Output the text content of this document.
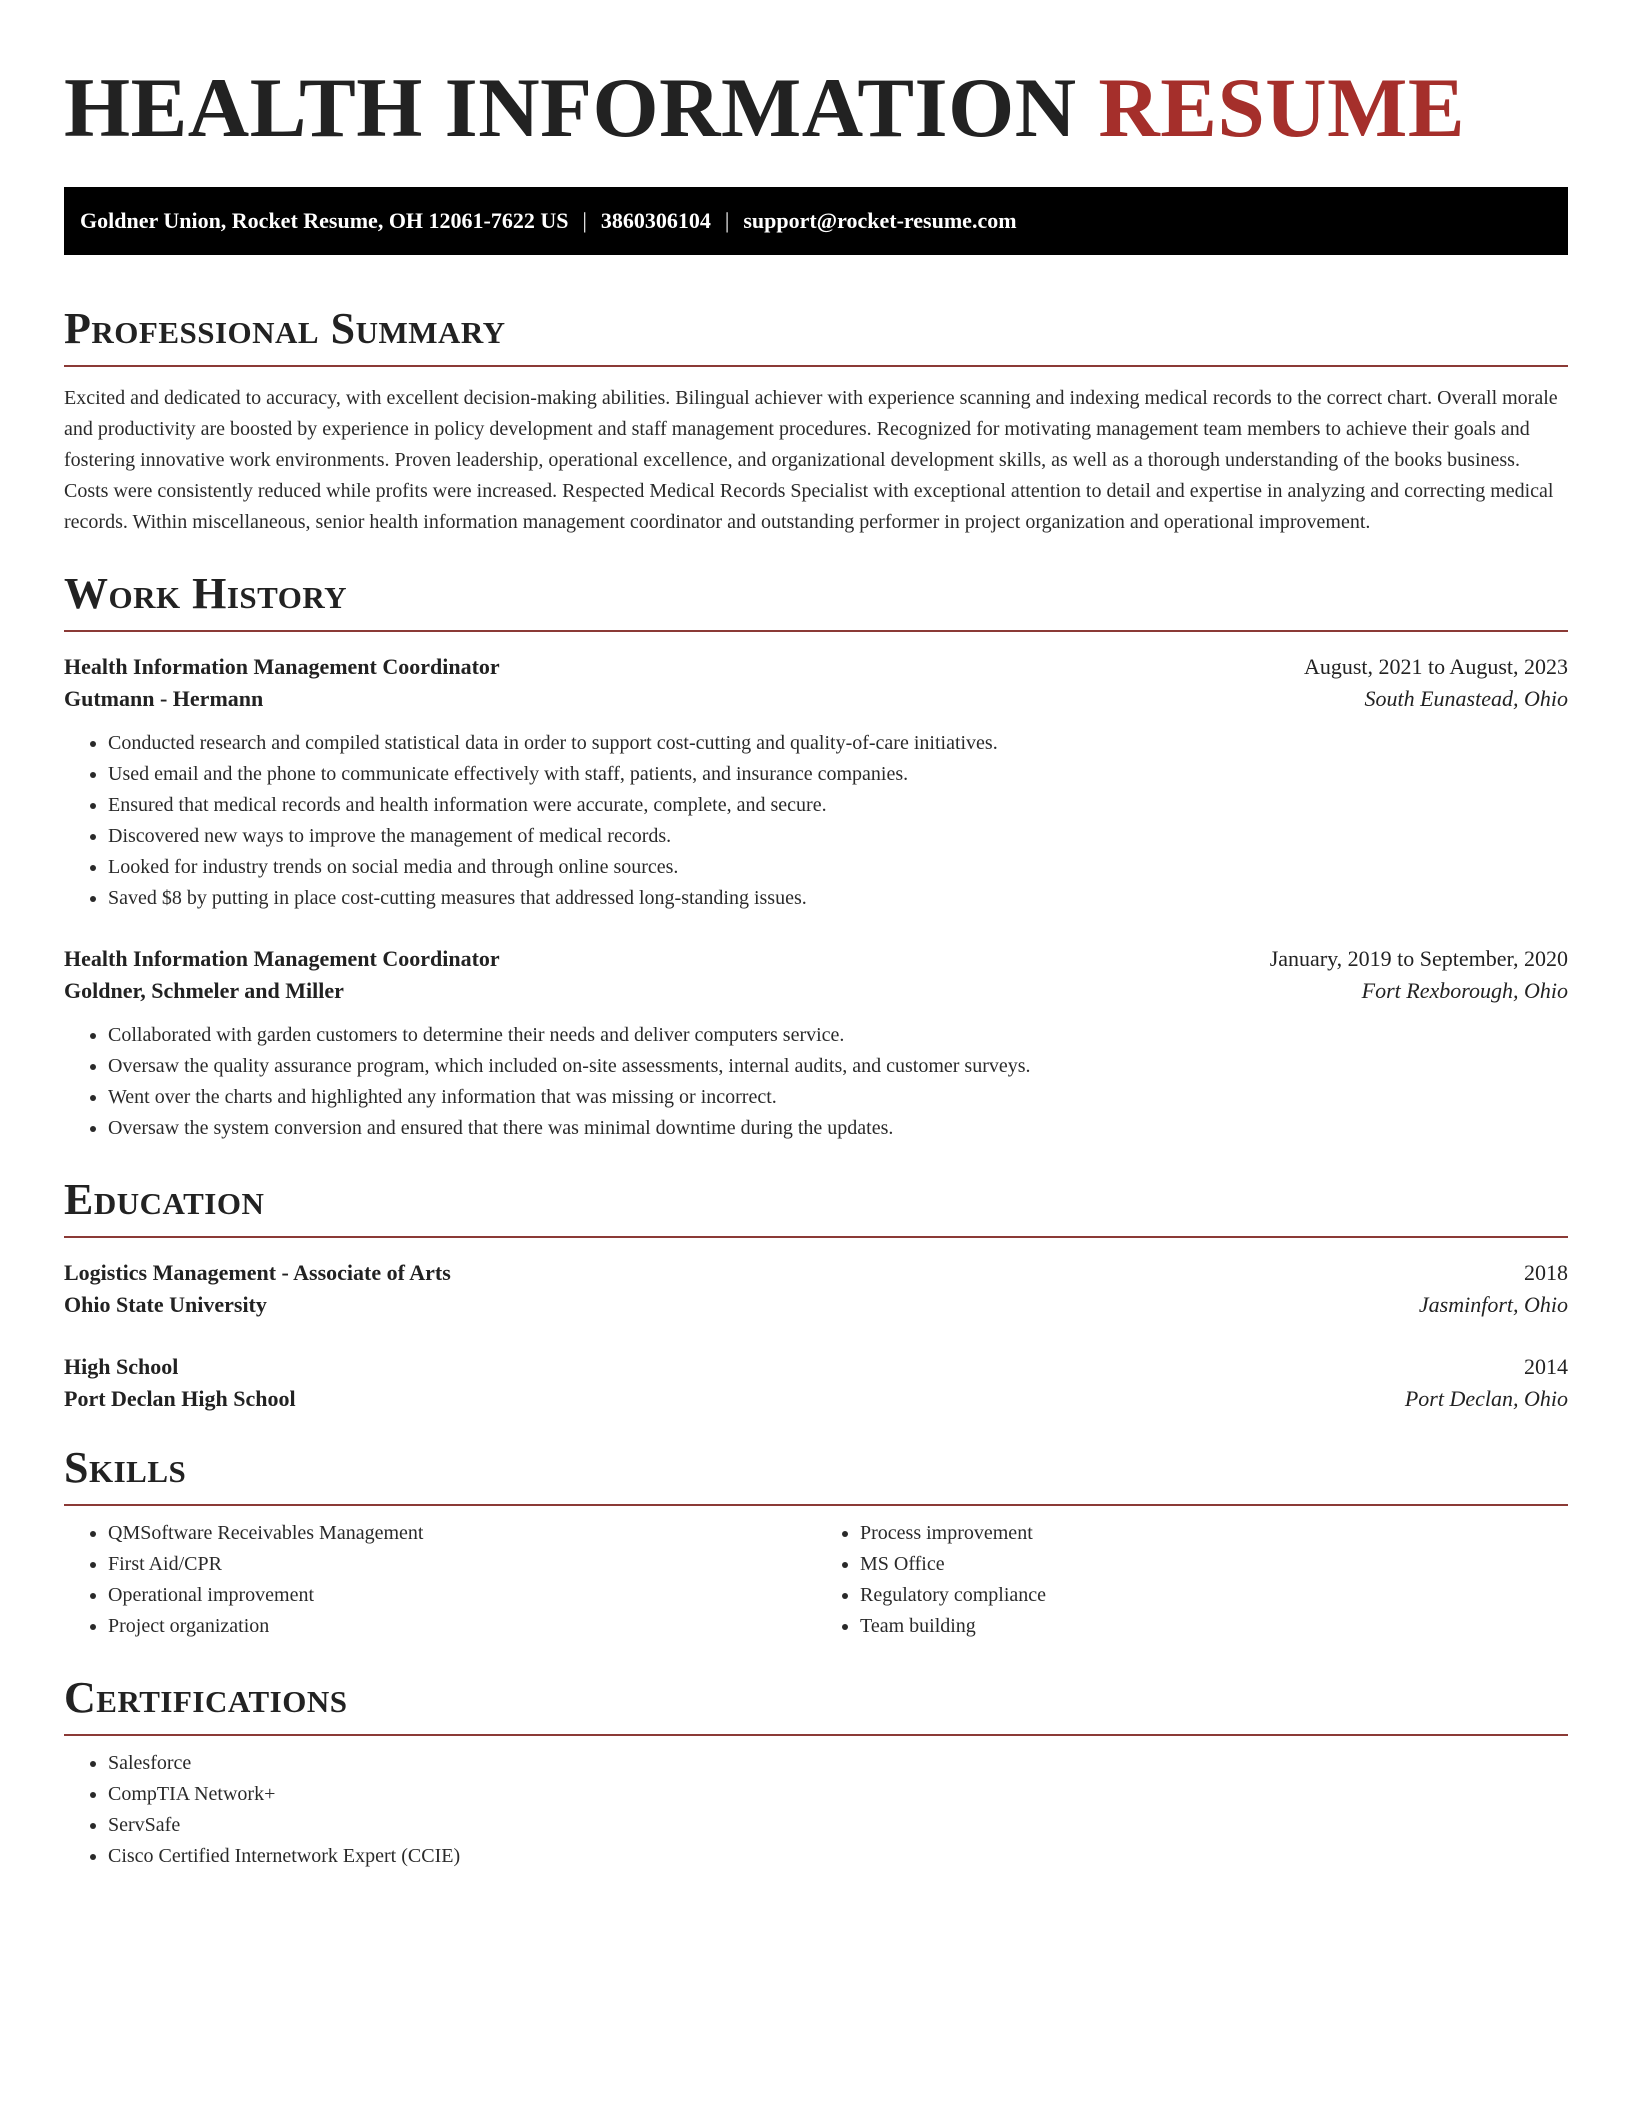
HEALTH INFORMATION RESUME
Goldner Union, Rocket Resume, OH 12061-7622 US | 3860306104 | support@rocket-resume.com
Professional Summary

Excited and dedicated to accuracy, with excellent decision-making abilities. Bilingual achiever with experience scanning and indexing medical records to the correct chart. Overall morale and productivity are boosted by experience in policy development and staff management procedures. Recognized for motivating management team members to achieve their goals and fostering innovative work environments. Proven leadership, operational excellence, and organizational development skills, as well as a thorough understanding of the books business. Costs were consistently reduced while profits were increased. Respected Medical Records Specialist with exceptional attention to detail and expertise in analyzing and correcting medical records. Within miscellaneous, senior health information management coordinator and outstanding performer in project organization and operational improvement.

Work History
Health Information Management Coordinator	August, 2021 to August, 2023
Gutmann - Hermann	South Eunastead, Ohio
• Conducted research and compiled statistical data in order to support cost-cutting and quality-of-care initiatives.
• Used email and the phone to communicate effectively with staff, patients, and insurance companies.
• Ensured that medical records and health information were accurate, complete, and secure.
• Discovered new ways to improve the management of medical records.
• Looked for industry trends on social media and through online sources.
• Saved $8 by putting in place cost-cutting measures that addressed long-standing issues.
Health Information Management Coordinator	January, 2019 to September, 2020
Goldner, Schmeler and Miller	Fort Rexborough, Ohio
• Collaborated with garden customers to determine their needs and deliver computers service.
• Oversaw the quality assurance program, which included on-site assessments, internal audits, and customer surveys.
• Went over the charts and highlighted any information that was missing or incorrect.
• Oversaw the system conversion and ensured that there was minimal downtime during the updates.
Education
Logistics Management - Associate of Arts	2018
Ohio State University	Jasminfort, Ohio
High School	2014
Port Declan High School	Port Declan, Ohio
Skills
• QMSoftware Receivables Management
• First Aid/CPR
• Operational improvement
• Project organization
• Process improvement
• MS Office
• Regulatory compliance
• Team building
Certifications
• Salesforce
• CompTIA Network+
• ServSafe
• Cisco Certified Internetwork Expert (CCIE)
